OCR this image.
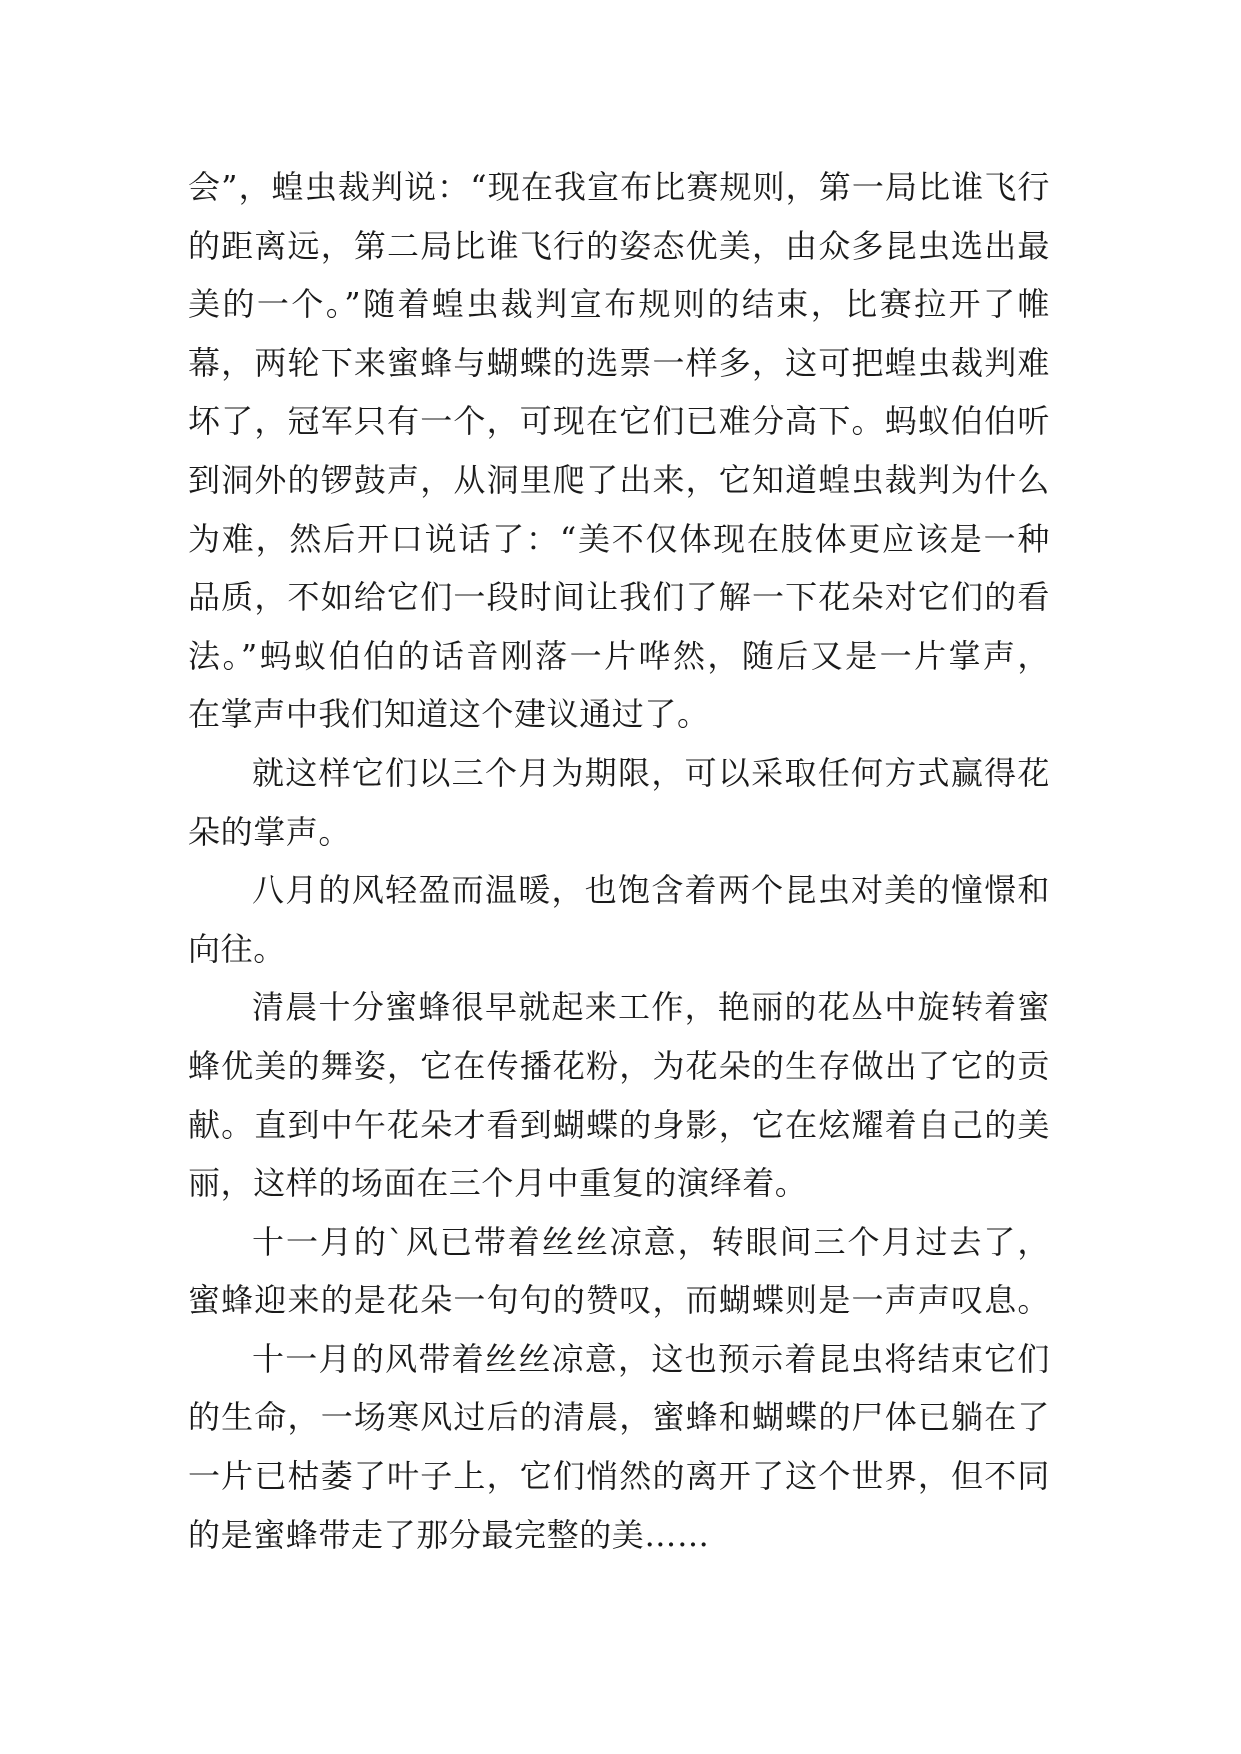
会”，蝗虫裁判说：“现在我宣布比赛规则，第一局比谁飞行
的距离远，第二局比谁飞行的姿态优美，由众多昆虫选出最
美的一个。”随着蝗虫裁判宣布规则的结束，比赛拉开了帷
幕，两轮下来蜜蜂与蝴蝶的选票一样多，这可把蝗虫裁判难
坏了，冠军只有一个，可现在它们已难分高下。蚂蚁伯伯听
到洞外的锣鼓声，从洞里爬了出来，它知道蝗虫裁判为什么
为难，然后开口说话了：“美不仅体现在肢体更应该是一种
品质，不如给它们一段时间让我们了解一下花朵对它们的看
法。”蚂蚁伯伯的话音刚落一片哗然，随后又是一片掌声，
在掌声中我们知道这个建议通过了。

就这样它们以三个月为期限，可以采取任何方式赢得花
朵的掌声。

八月的风轻盈而温暖，也饱含着两个昆虫对美的憧憬和
向往。

清晨十分蜜蜂很早就起来工作，艳丽的花丛中旋转着蜜
蜂优美的舞姿，它在传播花粉，为花朵的生存做出了它的贡
献。直到中午花朵才看到蝴蝶的身影，它在炫耀着自己的美
丽，这样的场面在三个月中重复的演绎着。

十一月的`风已带着丝丝凉意，转眼间三个月过去了，
蜜蜂迎来的是花朵一句句的赞叹，而蝴蝶则是一声声叹息。

十一月的风带着丝丝凉意，这也预示着昆虫将结束它们
的生命，一场寒风过后的清晨，蜜蜂和蝴蝶的尸体已躺在了
一片已枯萎了叶子上，它们悄然的离开了这个世界，但不同
的是蜜蜂带走了那分最完整的美……
